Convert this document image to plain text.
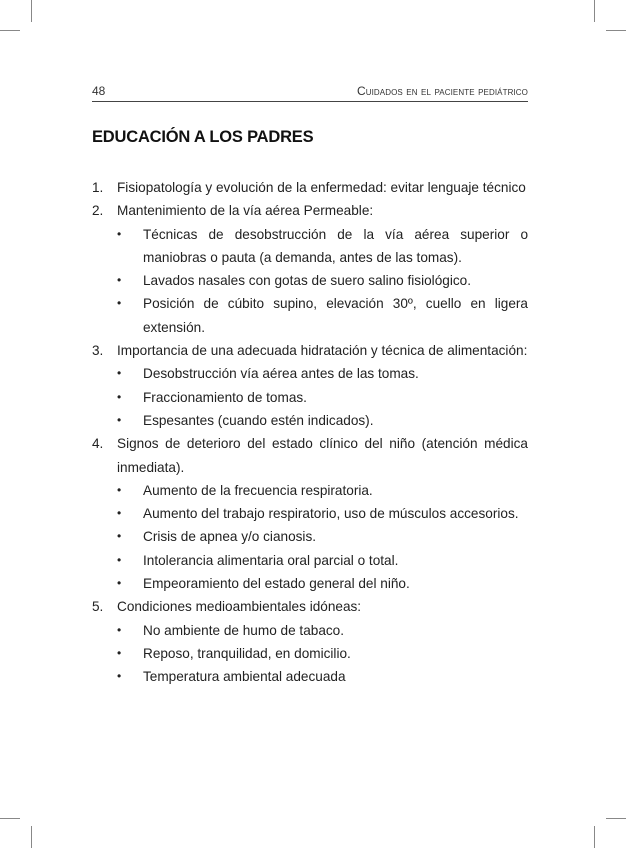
48	Cuidados en el paciente pediátrico
EDUCACIÓN A LOS PADRES
1. Fisiopatología y evolución de la enfermedad: evitar lenguaje técnico
2. Mantenimiento de la vía aérea Permeable:
• Técnicas de desobstrucción de la vía aérea superior o maniobras o pauta (a demanda, antes de las tomas).
• Lavados nasales con gotas de suero salino fisiológico.
• Posición de cúbito supino, elevación 30º, cuello en ligera extensión.
3. Importancia de una adecuada hidratación y técnica de alimentación:
• Desobstrucción vía aérea antes de las tomas.
• Fraccionamiento de tomas.
• Espesantes (cuando estén indicados).
4. Signos de deterioro del estado clínico del niño (atención médica inmediata).
• Aumento de la frecuencia respiratoria.
• Aumento del trabajo respiratorio, uso de músculos accesorios.
• Crisis de apnea y/o cianosis.
• Intolerancia alimentaria oral parcial o total.
• Empeoramiento del estado general del niño.
5. Condiciones medioambientales idóneas:
• No ambiente de humo de tabaco.
• Reposo, tranquilidad, en domicilio.
• Temperatura ambiental adecuada
